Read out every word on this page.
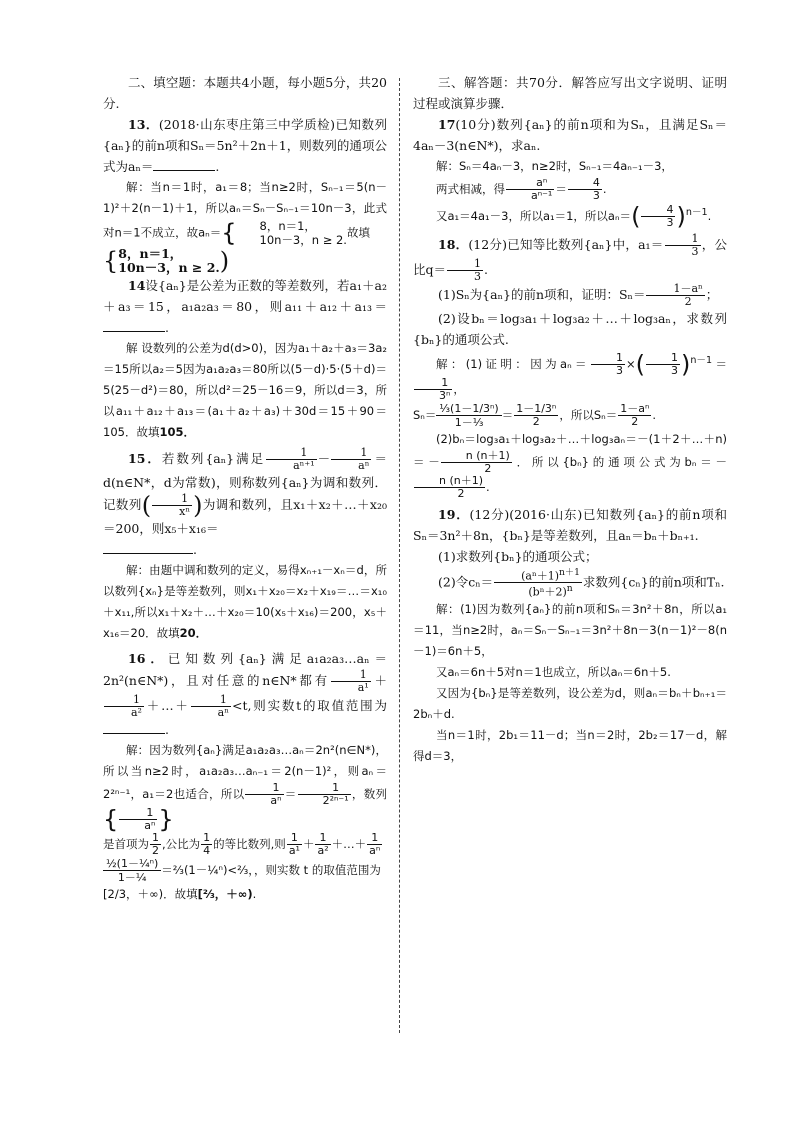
二、填空题：本题共4小题，每小题5分，共20分.

13．(2018·山东枣庄第三中学质检)已知数列{aₙ}的前n项和Sₙ＝5n²＋2n＋1，则数列的通项公式为aₙ＝	.

解：当n＝1时，a₁＝8；当n≥2时，Sₙ₋₁＝5(n－1)²＋2(n－1)＋1，所以aₙ＝Sₙ－Sₙ₋₁＝10n－3，此式对n＝1不成立，故aₙ＝{	8，n＝1，
10n－3，n ≥ 2.
故填

{ 8，n＝1，
10n－3，n ≥ 2. )

14设{aₙ}是公差为正数的等差数列，若a₁＋a₂＋a₃＝15，a₁a₂a₃＝80，则a₁₁＋a₁₂＋a₁₃＝.

解 设数列的公差为d(d>0)，因为a₁＋a₂＋a₃＝3a₂＝15所以a₂＝5因为a₁a₂a₃＝80所以(5－d)·5·(5＋d)＝5(25－d²)＝80，所以d²＝25－16＝9，所以d＝3，所以a₁₁＋a₁₂＋a₁₃＝(a₁＋a₂＋a₃)＋30d＝15＋90＝105．故填105．

15．若数列{aₙ}满足 $\frac{1}{\text{aⁿ⁺¹}} - \frac{1}{\text{aⁿ}}$ ＝d(n∈N*，d为常数)，则称数列{aₙ}为调和数列．记数列( $\frac{1}{\text{xⁿ}}$ )为调和数列，且x₁＋x₂＋…＋x₂₀＝200，则x₅＋x₁₆＝

.

解：由题中调和数列的定义，易得xₙ₊₁－xₙ＝d，所以数列{xₙ}是等差数列，则x₁＋x₂₀＝x₂＋x₁₉＝…＝x₁₀＋x₁₁,所以x₁＋x₂＋…＋x₂₀＝10(x₅＋x₁₆)＝200，x₅＋x₁₆＝20．故填20．

16．已知数列{aₙ}满足a₁a₂a₃…aₙ＝2n²(n∈N*)，且对任意的n∈N*都有 $\frac{1}{\text{a¹}}$ ＋
$\frac{1}{\text{a²}}$ ＋…＋ $\frac{1}{\text{aⁿ}} <t$,则实数t的取值范围为.

解：因为数列{aₙ}满足a₁a₂a₃…aₙ＝2n²(n∈N*)，所以当n≥2时，a₁a₂a₃…aₙ₋₁＝2(n－1)²，则aₙ＝2²ⁿ⁻¹，a₁＝2也适合，所以 $\frac{1}{\text{aⁿ}} = \frac{1}{\text{2²ⁿ⁻¹}}$ ，数列{ $\frac{1}{\text{aⁿ}}$ }

是首项为 $\frac{1}{2}$ ,公比为 $\frac{1}{4}$ 的等比数列,则 $\frac{1}{\text{a¹}} + \frac{1}{\text{a²}}$ ＋…＋ $\frac{1}{\text{aⁿ}}$

$\frac{\text{½(1－¼ⁿ)}}{\text{1－¼}}$ ＝⅔(1－¼ⁿ)<⅔，，则实数 t 的取值范围为

[2/3，＋∞)．故填[⅔，＋∞).

三、解答题：共70分．解答应写出文字说明、证明过程或演算步骤．

17(10分)数列{aₙ}的前n项和为Sₙ，且满足Sₙ＝4aₙ－3(n∈N*)，求aₙ.

解：Sₙ＝4aₙ－3，n≥2时，Sₙ₋₁＝4aₙ₋₁－3，

两式相减，得 $\frac{\text{aⁿ}}{\text{aⁿ⁻¹}} = \frac{4}{3}$ .

又a₁＝4a₁－3，所以a₁＝1，所以$a_n=( \frac{4}{3} )^{n-1}$.

18．(12分)已知等比数列{aₙ}中，$a_1= \frac{1}{3}$ ，公比$q= \frac{1}{3}$ .

(1)Sₙ为{aₙ}的前n项和，证明：$S_n= \frac{\text{1－aⁿ}}{2}$ ；

(2)设bₙ＝log₃a₁＋log₃a₂＋…＋log₃aₙ，求数列{bₙ}的通项公式.

解：(1)证明：因为$a_n= \frac{1}{3}$ ×( $\frac{1}{3} )^{n-1}=$
$\frac{1}{\text{3ⁿ}}$ ，

$S_n= \frac{\text{⅓(1－1/3ⁿ)}}{\text{1－⅓}} = \frac{\text{1－1/3ⁿ}}{2}$ ，所以$S_n= \frac{\text{1－aⁿ}}{2}$ .

(2)bₙ＝log₃a₁＋log₃a₂＋…＋log₃aₙ＝－(1＋2＋…＋n)＝－ $\frac{n (n+1)}{2}$ ．所以{bₙ}的通项公式为bₙ＝－
$\frac{n (n+1)}{2}$ .

19．(12分)(2016·山东)已知数列{aₙ}的前n项和Sₙ＝3n²＋8n，{bₙ}是等差数列，且aₙ＝bₙ＋bₙ₊₁.

(1)求数列{bₙ}的通项公式；

(2)令$c_n= \frac{(a^n+1)^{n+1}}{(b^n+2)^n}$ 求数列{cₙ}的前n项和Tₙ.

解：(1)因为数列{aₙ}的前n项和Sₙ＝3n²＋8n，所以a₁＝11，当n≥2时，aₙ＝Sₙ－Sₙ₋₁＝3n²＋8n－3(n－1)²－8(n－1)＝6n＋5，

又aₙ＝6n＋5对n＝1也成立，所以aₙ＝6n＋5.

又因为{bₙ}是等差数列，设公差为d，则aₙ＝bₙ＋bₙ₊₁＝2bₙ＋d.

当n＝1时，2b₁＝11－d；当n＝2时，2b₂＝17－d，解得d＝3，
